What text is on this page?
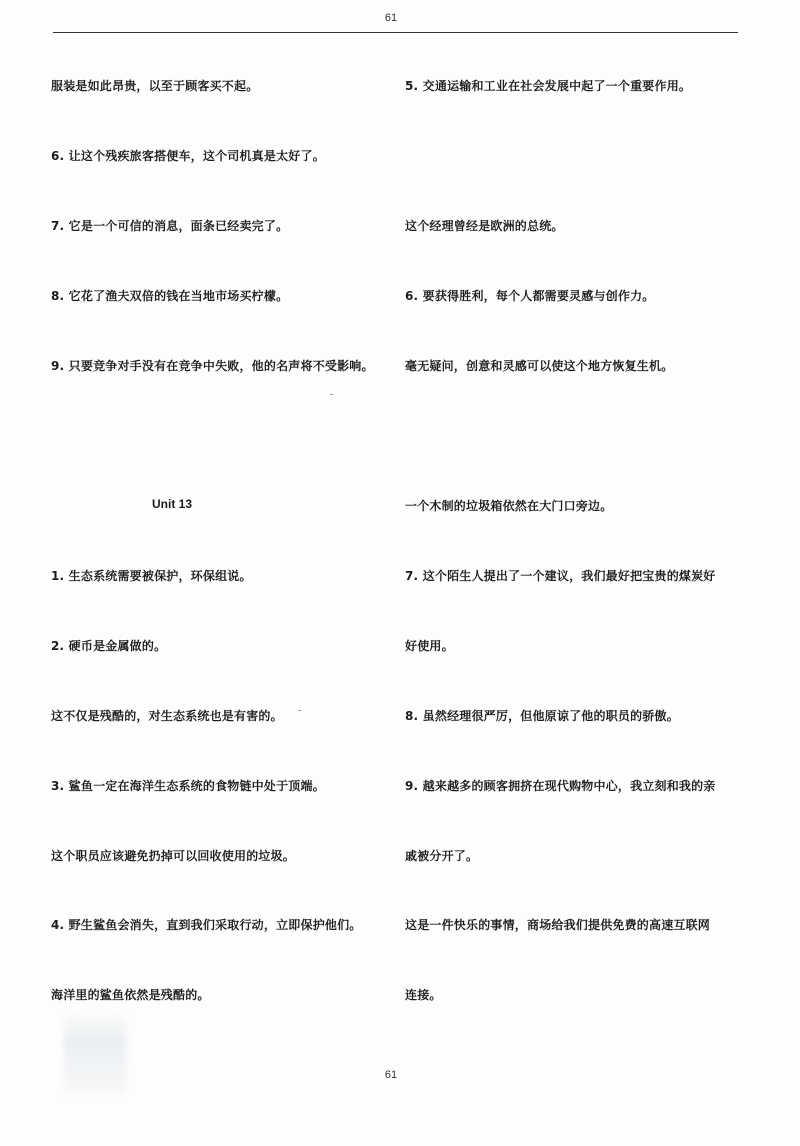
61
服装是如此昂贵，以至于顾客买不起。
6. 让这个残疾旅客搭便车，这个司机真是太好了。
7. 它是一个可信的消息，面条已经卖完了。
8. 它花了渔夫双倍的钱在当地市场买柠檬。
9. 只要竞争对手没有在竞争中失败，他的名声将不受影响。
Unit 13
1. 生态系统需要被保护，环保组说。
2. 硬币是金属做的。
这不仅是残酷的，对生态系统也是有害的。
3. 鲨鱼一定在海洋生态系统的食物链中处于顶端。
这个职员应该避免扔掉可以回收使用的垃圾。
4. 野生鲨鱼会消失，直到我们采取行动，立即保护他们。
海洋里的鲨鱼依然是残酷的。
5. 交通运输和工业在社会发展中起了一个重要作用。
这个经理曾经是欧洲的总统。
6. 要获得胜利，每个人都需要灵感与创作力。
毫无疑问，创意和灵感可以使这个地方恢复生机。
一个木制的垃圾箱依然在大门口旁边。
7. 这个陌生人提出了一个建议，我们最好把宝贵的煤炭好
好使用。
8. 虽然经理很严厉，但他原谅了他的职员的骄傲。
9. 越来越多的顾客拥挤在现代购物中心，我立刻和我的亲
戚被分开了。
这是一件快乐的事情，商场给我们提供免费的高速互联网
连接。
61
